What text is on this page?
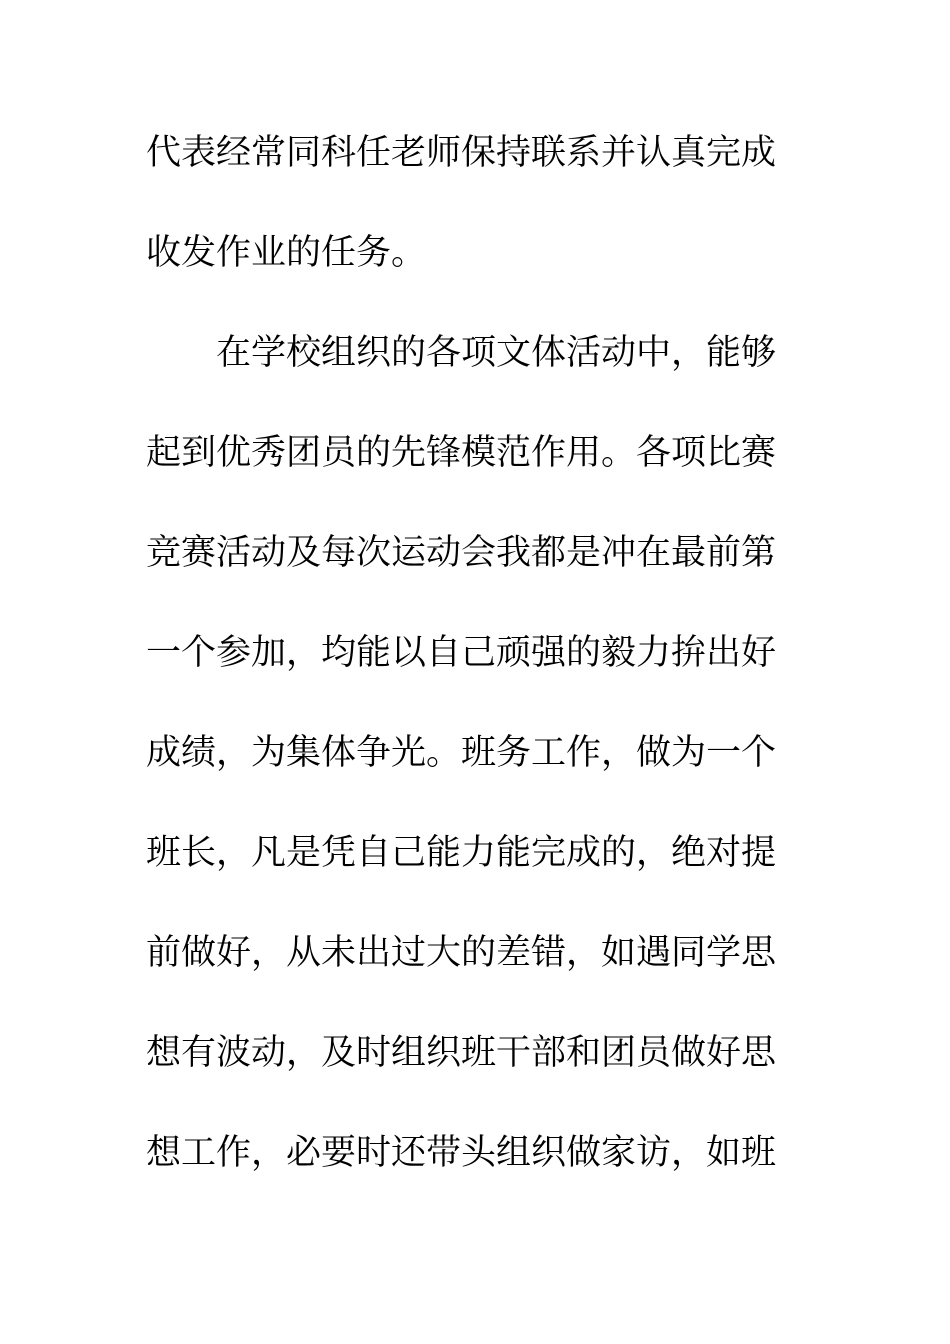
代表经常同科任老师保持联系并认真完成
收发作业的任务。
在学校组织的各项文体活动中，能够
起到优秀团员的先锋模范作用。各项比赛
竞赛活动及每次运动会我都是冲在最前第
一个参加，均能以自己顽强的毅力拚出好
成绩，为集体争光。班务工作，做为一个
班长，凡是凭自己能力能完成的，绝对提
前做好，从未出过大的差错，如遇同学思
想有波动，及时组织班干部和团员做好思
想工作，必要时还带头组织做家访，如班
